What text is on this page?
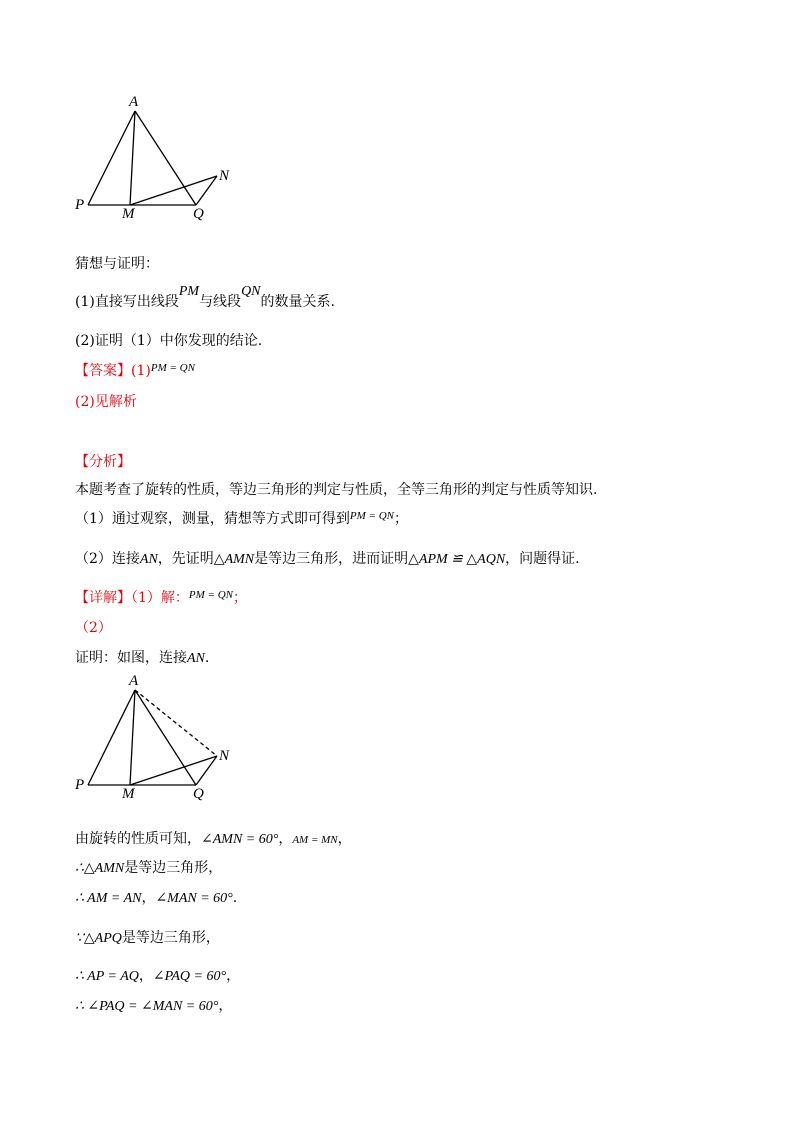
A
N
P
M	Q
猜想与证明：
(1)直接写出线段PM与线段QN的数量关系.
(2)证明（1）中你发现的结论.
【答案】$(1)^{PM = QN}$
(2)见解析
【分析】
本题考查了旋转的性质，等边三角形的判定与性质，全等三角形的判定与性质等知识.
（1）通过观察，测量，猜想等方式即可得到$^{PM = QN}$；
（2）连接AN，先证明△AMN是等边三角形，进而证明△APM ≌ △AQN，问题得证.
【详解】（1）解：$^{PM = QN}$；
（2）
证明：如图，连接AN.
A
N
P
M	Q
由旋转的性质可知，∠AMN = 60°，AM = MN，
∴△AMN是等边三角形，
∴ AM = AN，∠MAN = 60°.
∵△APQ是等边三角形，
∴ AP = AQ，∠PAQ = 60°，
∴ ∠PAQ = ∠MAN = 60°，
